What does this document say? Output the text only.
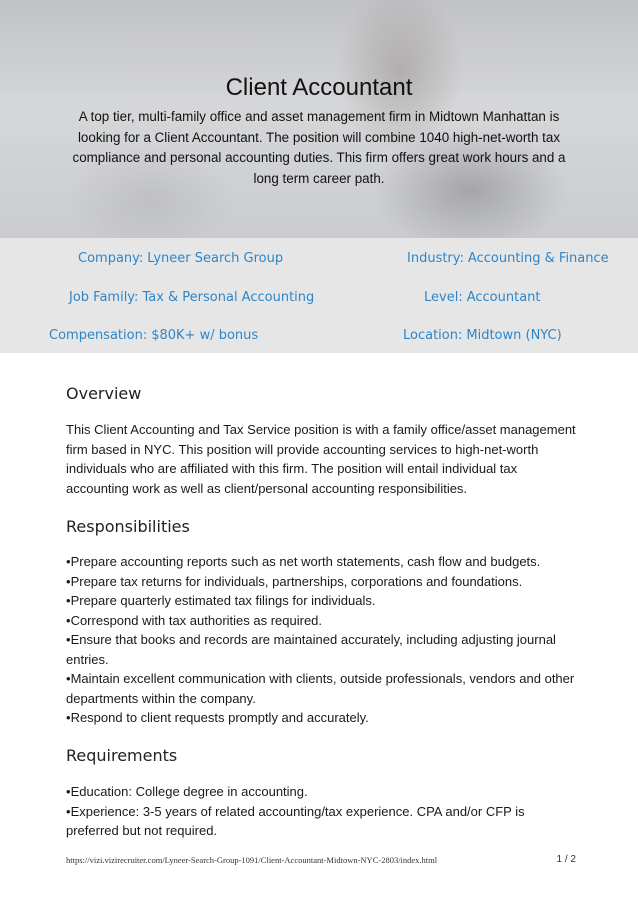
Client Accountant

A top tier, multi-family office and asset management firm in Midtown Manhattan is looking for a Client Accountant. The position will combine 1040 high-net-worth tax compliance and personal accounting duties. This firm offers great work hours and a long term career path.

Company: Lyneer Search Group	Industry: Accounting & Finance
Job Family: Tax & Personal Accounting	Level: Accountant
Compensation: $80K+ w/ bonus	Location: Midtown (NYC)
Overview

This Client Accounting and Tax Service position is with a family office/asset management firm based in NYC. This position will provide accounting services to high-net-worth individuals who are affiliated with this firm. The position will entail individual tax accounting work as well as client/personal accounting responsibilities.

Responsibilities
• Prepare accounting reports such as net worth statements, cash flow and budgets.
• Prepare tax returns for individuals, partnerships, corporations and foundations.
• Prepare quarterly estimated tax filings for individuals.
• Correspond with tax authorities as required.
• Ensure that books and records are maintained accurately, including adjusting journal entries.
• Maintain excellent communication with clients, outside professionals, vendors and other departments within the company.
• Respond to client requests promptly and accurately.
Requirements
• Education: College degree in accounting.
• Experience: 3-5 years of related accounting/tax experience. CPA and/or CFP is preferred but not required.
https://vizi.vizirecruiter.com/Lyneer-Search-Group-1091/Client-Accountant-Midtown-NYC-2803/index.html	1 / 2
